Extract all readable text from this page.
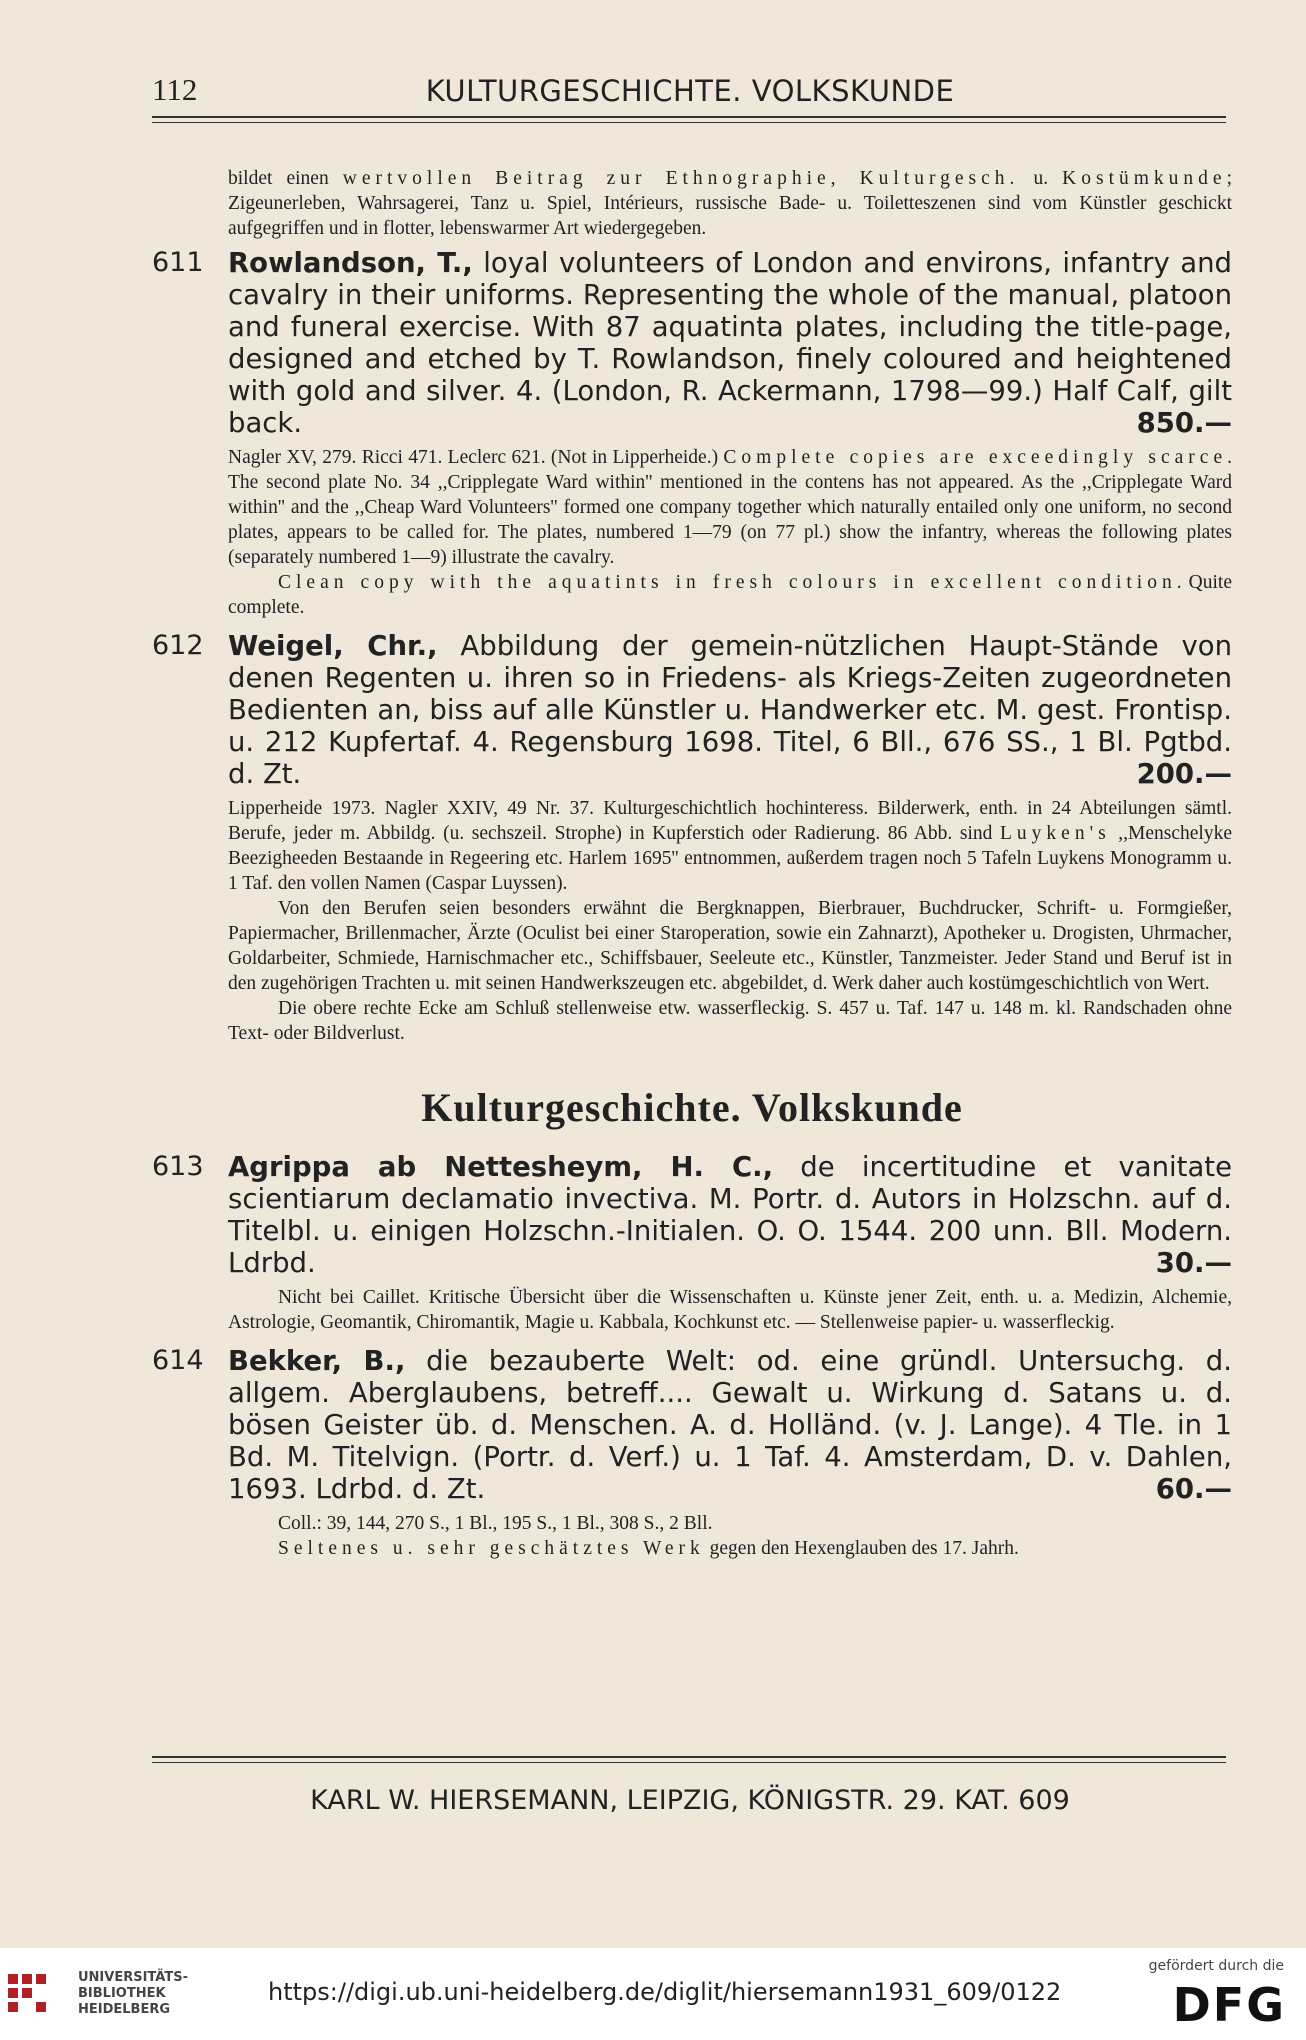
112	KULTURGESCHICHTE. VOLKSKUNDE

bildet einen wertvollen Beitrag zur Ethnographie, Kulturgesch. u. Kostümkunde; Zigeunerleben, Wahrsagerei, Tanz u. Spiel, Intérieurs, russische Bade- u. Toiletteszenen sind vom Künstler geschickt aufgegriffen und in flotter, lebenswarmer Art wiedergegeben.

611 Rowlandson, T., loyal volunteers of London and environs, infantry and cavalry in their uniforms. Representing the whole of the manual, platoon and funeral exercise. With 87 aquatinta plates, including the title-page, designed and etched by T. Rowlandson, finely coloured and heightened with gold and silver. 4. (London, R. Ackermann, 1798—99.) Half Calf, gilt back.	850.—

Nagler XV, 279. Ricci 471. Leclerc 621. (Not in Lipperheide.) Complete copies are exceedingly scarce. The second plate No. 34 ,,Cripplegate Ward within'' mentioned in the contens has not appeared. As the ,,Cripplegate Ward within'' and the ,,Cheap Ward Volunteers'' formed one company together which naturally entailed only one uniform, no second plates, appears to be called for. The plates, numbered 1—79 (on 77 pl.) show the infantry, whereas the following plates (separately numbered 1—9) illustrate the cavalry.

Clean copy with the aquatints in fresh colours in excellent condition. Quite complete.

612 Weigel, Chr., Abbildung der gemein-nützlichen Haupt-Stände von denen Regenten u. ihren so in Friedens- als Kriegs-Zeiten zugeordneten Bedienten an, biss auf alle Künstler u. Handwerker etc. M. gest. Frontisp. u. 212 Kupfertaf. 4. Regensburg 1698. Titel, 6 Bll., 676 SS., 1 Bl. Pgtbd. d. Zt.	200.—

Lipperheide 1973. Nagler XXIV, 49 Nr. 37. Kulturgeschichtlich hochinteress. Bilderwerk, enth. in 24 Abteilungen sämtl. Berufe, jeder m. Abbildg. (u. sechszeil. Strophe) in Kupferstich oder Radierung. 86 Abb. sind Luyken's ,,Menschelyke Beezigheeden Bestaande in Regeering etc. Harlem 1695'' entnommen, außerdem tragen noch 5 Tafeln Luykens Monogramm u. 1 Taf. den vollen Namen (Caspar Luyssen).

Von den Berufen seien besonders erwähnt die Bergknappen, Bierbrauer, Buchdrucker, Schrift- u. Formgießer, Papiermacher, Brillenmacher, Ärzte (Oculist bei einer Staroperation, sowie ein Zahnarzt), Apotheker u. Drogisten, Uhrmacher, Goldarbeiter, Schmiede, Harnischmacher etc., Schiffsbauer, Seeleute etc., Künstler, Tanzmeister. Jeder Stand und Beruf ist in den zugehörigen Trachten u. mit seinen Handwerkszeugen etc. abgebildet, d. Werk daher auch kostümgeschichtlich von Wert.

Die obere rechte Ecke am Schluß stellenweise etw. wasserfleckig. S. 457 u. Taf. 147 u. 148 m. kl. Randschaden ohne Text- oder Bildverlust.

Kulturgeschichte. Volkskunde
613 Agrippa ab Nettesheym, H. C., de incertitudine et vanitate scientiarum declamatio invectiva. M. Portr. d. Autors in Holzschn. auf d. Titelbl. u. einigen Holzschn.-Initialen. O. O. 1544. 200 unn. Bll. Modern. Ldrbd.	30.—

Nicht bei Caillet. Kritische Übersicht über die Wissenschaften u. Künste jener Zeit, enth. u. a. Medizin, Alchemie, Astrologie, Geomantik, Chiromantik, Magie u. Kabbala, Kochkunst etc. — Stellenweise papier- u. wasserfleckig.

614 Bekker, B., die bezauberte Welt: od. eine gründl. Untersuchg. d. allgem. Aberglaubens, betreff.... Gewalt u. Wirkung d. Satans u. d. bösen Geister üb. d. Menschen. A. d. Holländ. (v. J. Lange). 4 Tle. in 1 Bd. M. Titelvign. (Portr. d. Verf.) u. 1 Taf. 4. Amsterdam, D. v. Dahlen, 1693. Ldrbd. d. Zt.	60.—

Coll.: 39, 144, 270 S., 1 Bl., 195 S., 1 Bl., 308 S., 2 Bll.

Seltenes u. sehr geschätztes Werk gegen den Hexenglauben des 17. Jahrh.

KARL W. HIERSEMANN, LEIPZIG, KÖNIGSTR. 29. KAT. 609
UNIVERSITÄTS-
BIBLIOTHEK
HEIDELBERG
https://digi.ub.uni-heidelberg.de/diglit/hiersemann1931_609/0122
gefördert durch die
DFG
